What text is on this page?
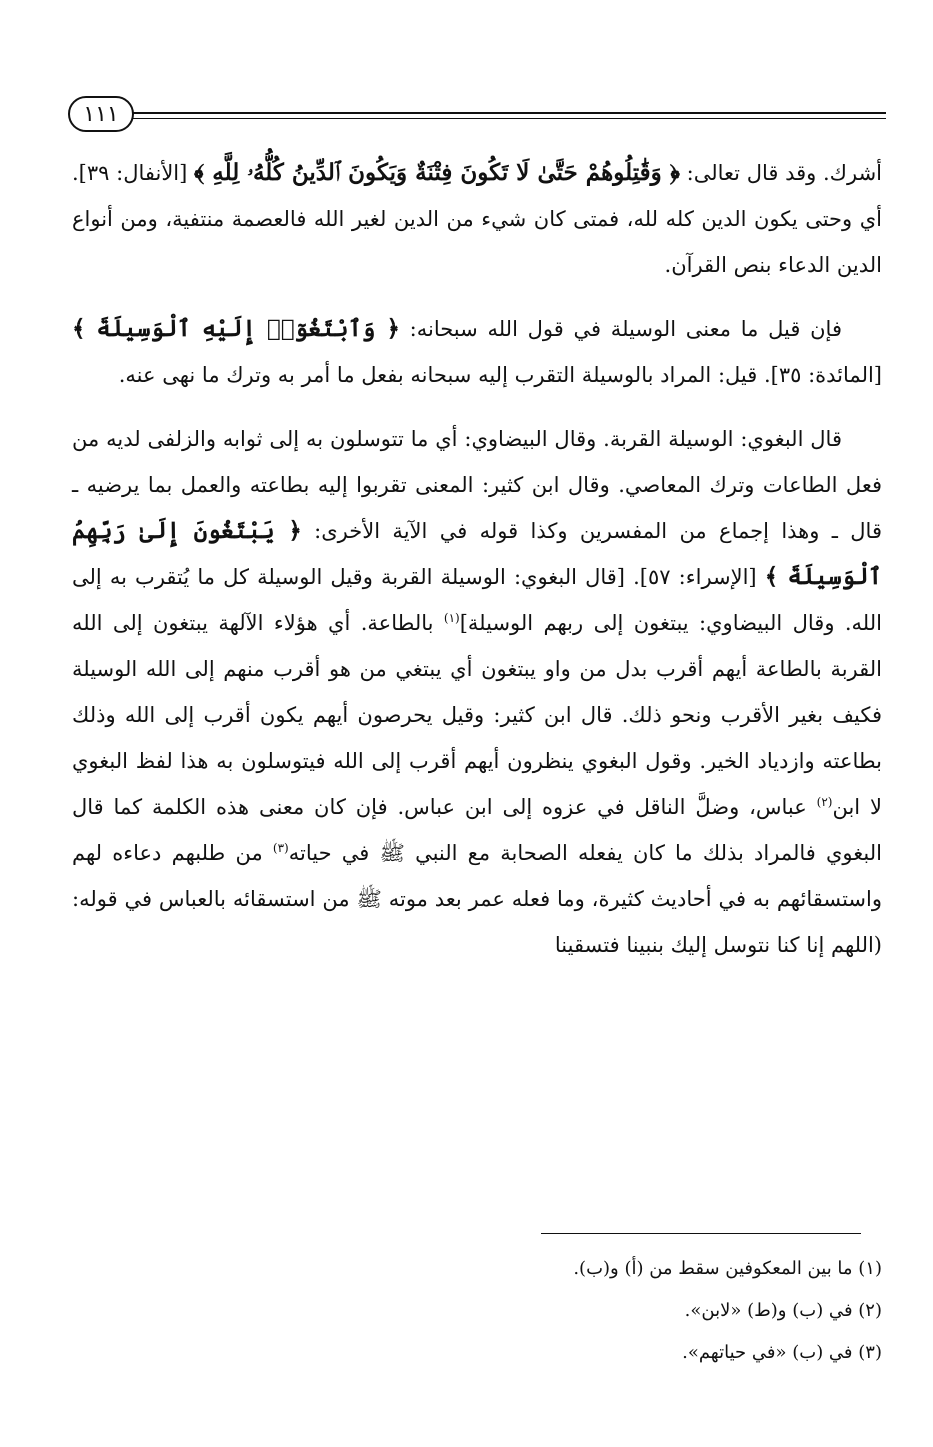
١١١

أشرك. وقد قال تعالى: ﴿ وَقَٰتِلُوهُمْ حَتَّىٰ لَا تَكُونَ فِتْنَةٌ وَيَكُونَ ٱلدِّينُ كُلُّهُۥ لِلَّهِ ﴾ [الأنفال: ٣٩]. أي وحتى يكون الدين كله لله، فمتى كان شيء من الدين لغير الله فالعصمة منتفية، ومن أنواع الدين الدعاء بنص القرآن.

فإن قيل ما معنى الوسيلة في قول الله سبحانه: ﴿ وَٱبْتَغُوٓا۟ إِلَيْهِ ٱلْوَسِيلَةَ ﴾ [المائدة: ٣٥]. قيل: المراد بالوسيلة التقرب إليه سبحانه بفعل ما أمر به وترك ما نهى عنه.

قال البغوي: الوسيلة القربة. وقال البيضاوي: أي ما تتوسلون به إلى ثوابه والزلفى لديه من فعل الطاعات وترك المعاصي. وقال ابن كثير: المعنى تقربوا إليه بطاعته والعمل بما يرضيه ـ قال ـ وهذا إجماع من المفسرين وكذا قوله في الآية الأخرى: ﴿ يَبْتَغُونَ إِلَىٰ رَبِّهِمُ ٱلْوَسِيلَةَ ﴾ [الإسراء: ٥٧]. [قال البغوي: الوسيلة القربة وقيل الوسيلة كل ما يُتقرب به إلى الله. وقال البيضاوي: يبتغون إلى ربهم الوسيلة]$^{(١)}$ بالطاعة. أي هؤلاء الآلهة يبتغون إلى الله القربة بالطاعة أيهم أقرب بدل من واو يبتغون أي يبتغي من هو أقرب منهم إلى الله الوسيلة فكيف بغير الأقرب ونحو ذلك. قال ابن كثير: وقيل يحرصون أيهم يكون أقرب إلى الله وذلك بطاعته وازدياد الخير. وقول البغوي ينظرون أيهم أقرب إلى الله فيتوسلون به هذا لفظ البغوي لا ابن$^{(٢)}$ عباس، وضلَّ الناقل في عزوه إلى ابن عباس. فإن كان معنى هذه الكلمة كما قال البغوي فالمراد بذلك ما كان يفعله الصحابة مع النبي ﷺ في حياته$^{(٣)}$ من طلبهم دعاءه لهم واستسقائهم به في أحاديث كثيرة، وما فعله عمر بعد موته ﷺ من استسقائه بالعباس في قوله: (اللهم إنا كنا نتوسل إليك بنبينا فتسقينا

(١) ما بين المعكوفين سقط من (أ) و(ب).

(٢) في (ب) و(ط) «لابن».

(٣) في (ب) «في حياتهم».
